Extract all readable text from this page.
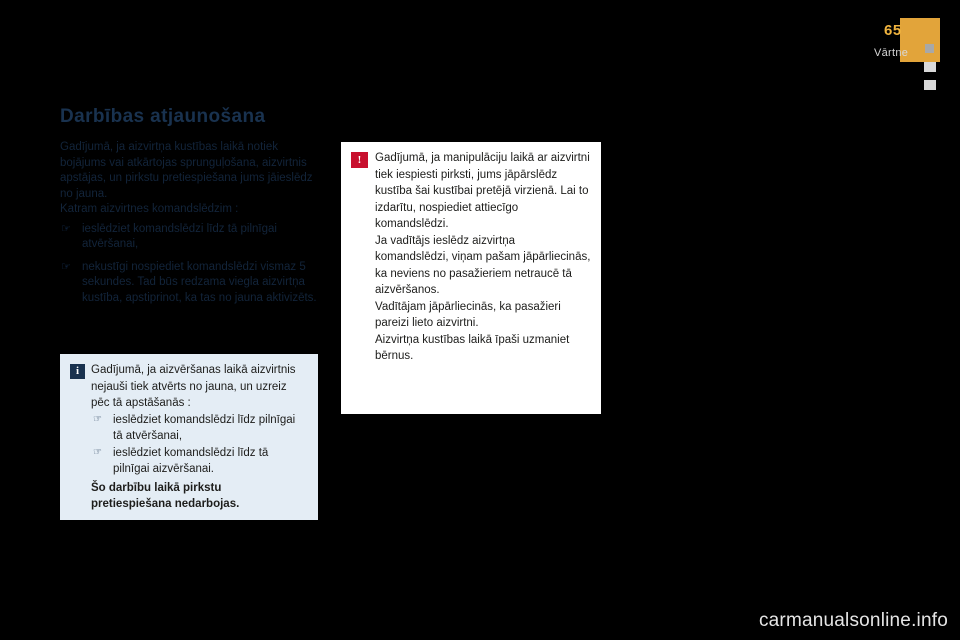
65
Vārtne
Darbības atjaunošana

Gadījumā, ja aizvirtņa kustības laikā notiek bojājums vai atkārtojas sprunguļošana, aizvirtnis apstājas, un pirkstu pretiespiešana jums jāieslēdz no jauna.

Katram aizvirtnes komandslēdzim :

☞ ieslēdziet komandslēdzi līdz tā pilnīgai atvēršanai,
☞ nekustīgi nospiediet komandslēdzi vismaz 5 sekundes. Tad būs redzama viegla aizvirtņa kustība, apstiprinot, ka tas no jauna aktivizēts.
i	Gadījumā, ja aizvēršanas laikā aizvirtnis nejauši tiek atvērts no jauna, un uzreiz pēc tā apstāšanās :

☞ ieslēdziet komandslēdzi līdz pilnīgai tā atvēršanai,
☞ ieslēdziet komandslēdzi līdz tā pilnīgai aizvēršanai.
Šo darbību laikā pirkstu
pretiespiešana nedarbojas.
!	Gadījumā, ja manipulāciju laikā ar aizvirtni tiek iespiesti pirksti, jums jāpārslēdz kustība šai kustībai pretējā virzienā. Lai to izdarītu, nospiediet attiecīgo komandslēdzi.

Ja vadītājs ieslēdz aizvirtņa komandslēdzi, viņam pašam jāpārliecinās, ka neviens no pasažieriem netraucē tā aizvēršanos.

Vadītājam jāpārliecinās, ka pasažieri pareizi lieto aizvirtni.

Aizvirtņa kustības laikā īpaši uzmaniet bērnus.

carmanualsonline.info
